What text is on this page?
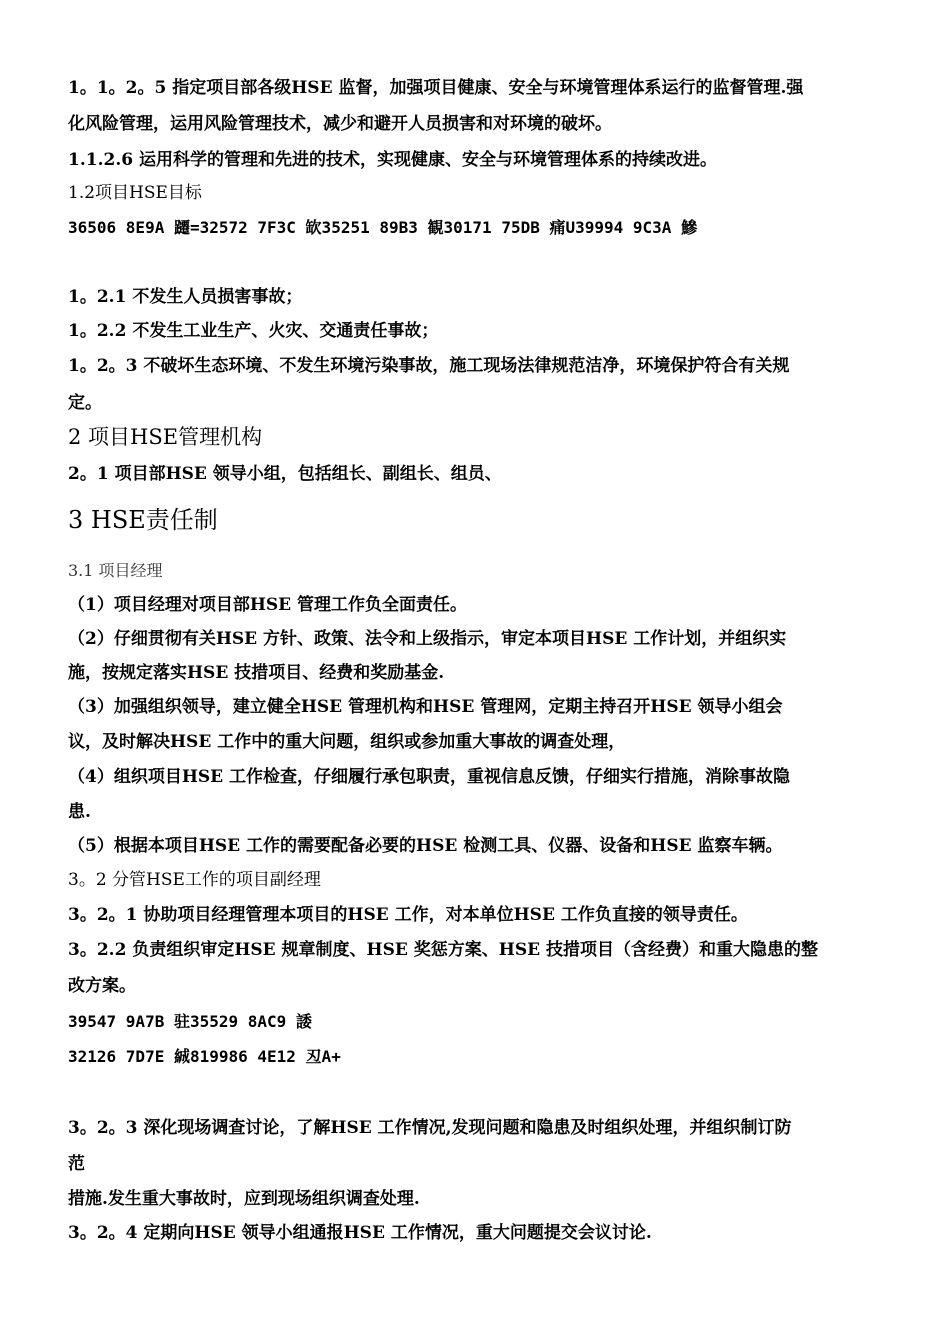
1。1。2。5 指定项目部各级HSE 监督，加强项目健康、安全与环境管理体系运行的监督管理.强
化风险管理，运用风险管理技术，减少和避开人员损害和对环境的破坏。
1.1.2.6 运用科学的管理和先进的技术，实现健康、安全与环境管理体系的持续改进。
1.2项目HSE目标
36506 8E9A 躚=32572 7F3C 缼35251 89B3 観30171 75DB 痛U39994 9C3A 鰺
1。2.1 不发生人员损害事故；
1。2.2 不发生工业生产、火灾、交通责任事故；
1。2。3 不破坏生态环境、不发生环境污染事故，施工现场法律规范洁净，环境保护符合有关规
定。
2 项目HSE管理机构
2。1 项目部HSE 领导小组，包括组长、副组长、组员、
3 HSE责任制
3.1 项目经理
（1）项目经理对项目部HSE 管理工作负全面责任。
（2）仔细贯彻有关HSE 方针、政策、法令和上级指示，审定本项目HSE 工作计划，并组织实
施，按规定落实HSE 技措项目、经费和奖励基金.
（3）加强组织领导，建立健全HSE 管理机构和HSE 管理网，定期主持召开HSE 领导小组会
议，及时解决HSE 工作中的重大问题，组织或参加重大事故的调查处理，
（4）组织项目HSE 工作检查，仔细履行承包职责，重视信息反馈，仔细实行措施，消除事故隐
患.
（5）根据本项目HSE 工作的需要配备必要的HSE 检测工具、仪器、设备和HSE 监察车辆。
3。2 分管HSE工作的项目副经理
3。2。1 协助项目经理管理本项目的HSE 工作，对本单位HSE 工作负直接的领导责任。
3。2.2 负责组织审定HSE 规章制度、HSE 奖惩方案、HSE 技措项目（含经费）和重大隐患的整
改方案。
39547 9A7B 驻35529 8AC9 諉
32126 7D7E 絾819986 4E12 丒A+
3。2。3 深化现场调查讨论，了解HSE 工作情况,发现问题和隐患及时组织处理，并组织制订防
范
措施.发生重大事故时，应到现场组织调查处理.
3。2。4 定期向HSE 领导小组通报HSE 工作情况，重大问题提交会议讨论.
